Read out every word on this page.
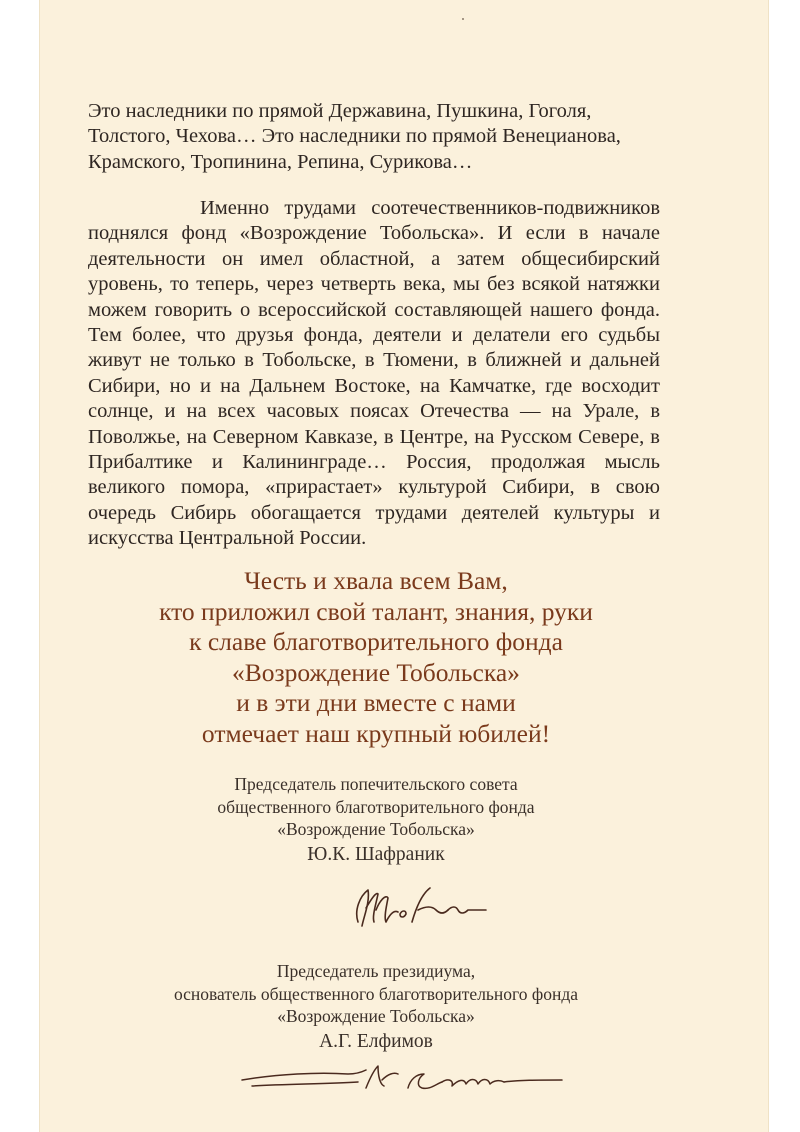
Это наследники по прямой Державина, Пушкина, Гоголя, Толстого, Чехова… Это наследники по прямой Венецианова, Крамского, Тропинина, Репина, Сурикова…

Именно трудами соотечественников-подвижников поднялся фонд «Возрождение Тобольска». И если в начале деятельности он имел областной, а затем общесибирский уровень, то теперь, через четверть века, мы без всякой натяжки можем говорить о всероссийской составляющей нашего фонда. Тем более, что друзья фонда, деятели и делатели его судьбы живут не только в Тобольске, в Тюмени, в ближней и дальней Сибири, но и на Дальнем Востоке, на Камчатке, где восходит солнце, и на всех часовых поясах Отечества — на Урале, в Поволжье, на Северном Кавказе, в Центре, на Русском Севере, в Прибалтике и Калининграде… Россия, продолжая мысль великого помора, «прирастает» культурой Сибири, в свою очередь Сибирь обогащается трудами деятелей культуры и искусства Центральной России.

Честь и хвала всем Вам,
кто приложил свой талант, знания, руки
к славе благотворительного фонда
«Возрождение Тобольска»
и в эти дни вместе с нами
отмечает наш крупный юбилей!
Председатель попечительского совета
общественного благотворительного фонда
«Возрождение Тобольска»
Ю.К. Шафраник
Председатель президиума,
основатель общественного благотворительного фонда
«Возрождение Тобольска»
А.Г. Елфимов
